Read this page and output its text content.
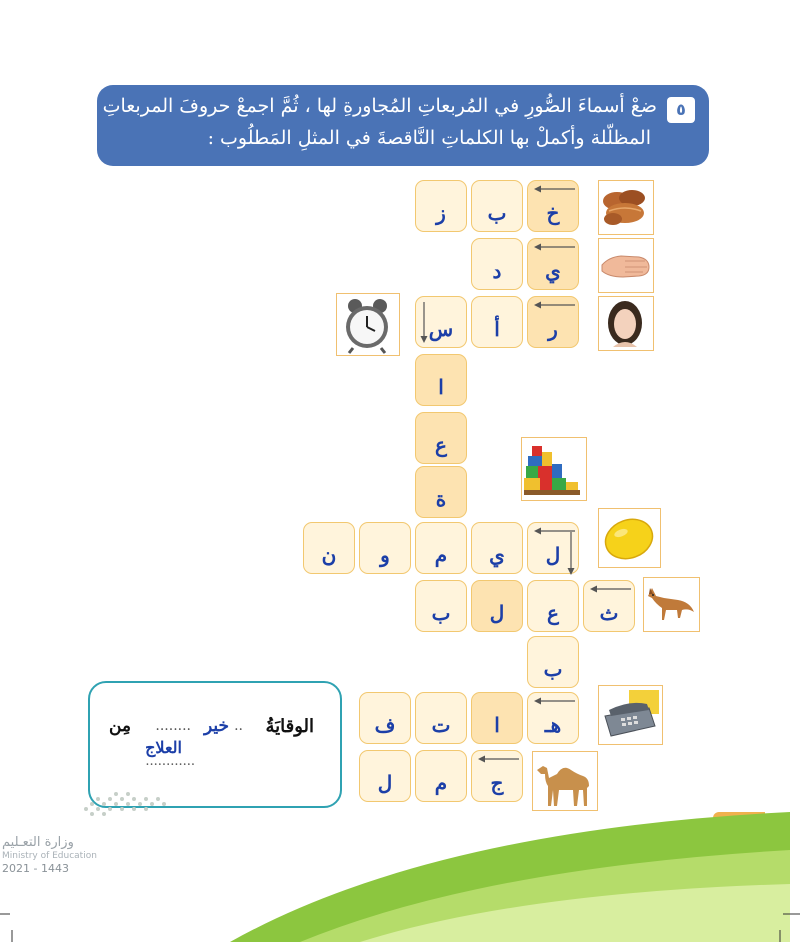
٥
ضعْ أسماءَ الصُّورِ في المُربعاتِ المُجاورةِ لها ، ثُمَّ اجمعْ حروفَ المربعاتِ
المظلّلة وأكملْ بها الكلماتِ النَّاقصةَ في المثلِ المَطلُوب :
خ
ب
ز
ي
د
ر
أ
س
ا
ع
ة
ل
ي
م
و
ن
ث
ع
ل
ب
ب
هـ
ا
ت
ف
ج
م
ل
الوقايَةُ
..
خير
........
مِن
العلاج
............
وزارة التعـليم
Ministry of Education
2021 - 1443
